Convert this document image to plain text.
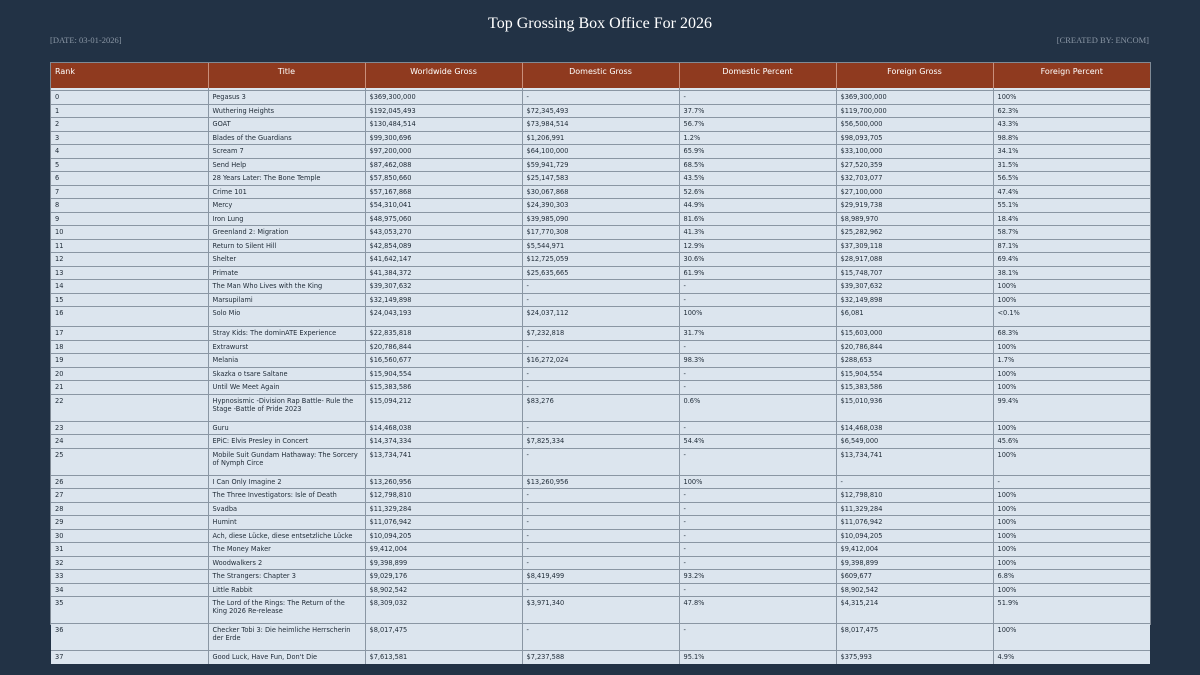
Top Grossing Box Office For 2026
[DATE: 03-01-2026]	[CREATED BY: ENCOM]
Rank	Title	Worldwide Gross	Domestic Gross	Domestic Percent	Foreign Gross	Foreign Percent

0	Pegasus 3	$369,300,000	-	-	$369,300,000	100%
1	Wuthering Heights	$192,045,493	$72,345,493	37.7%	$119,700,000	62.3%
2	GOAT	$130,484,514	$73,984,514	56.7%	$56,500,000	43.3%
3	Blades of the Guardians	$99,300,696	$1,206,991	1.2%	$98,093,705	98.8%
4	Scream 7	$97,200,000	$64,100,000	65.9%	$33,100,000	34.1%
5	Send Help	$87,462,088	$59,941,729	68.5%	$27,520,359	31.5%
6	28 Years Later: The Bone Temple	$57,850,660	$25,147,583	43.5%	$32,703,077	56.5%
7	Crime 101	$57,167,868	$30,067,868	52.6%	$27,100,000	47.4%
8	Mercy	$54,310,041	$24,390,303	44.9%	$29,919,738	55.1%
9	Iron Lung	$48,975,060	$39,985,090	81.6%	$8,989,970	18.4%
10	Greenland 2: Migration	$43,053,270	$17,770,308	41.3%	$25,282,962	58.7%
11	Return to Silent Hill	$42,854,089	$5,544,971	12.9%	$37,309,118	87.1%
12	Shelter	$41,642,147	$12,725,059	30.6%	$28,917,088	69.4%
13	Primate	$41,384,372	$25,635,665	61.9%	$15,748,707	38.1%
14	The Man Who Lives with the King	$39,307,632	-	-	$39,307,632	100%
15	Marsupilami	$32,149,898	-	-	$32,149,898	100%
16	Solo Mio	$24,043,193	$24,037,112	100%	$6,081	<0.1%
17	Stray Kids: The dominATE Experience	$22,835,818	$7,232,818	31.7%	$15,603,000	68.3%
18	Extrawurst	$20,786,844	-	-	$20,786,844	100%
19	Melania	$16,560,677	$16,272,024	98.3%	$288,653	1.7%
20	Skazka o tsare Saltane	$15,904,554	-	-	$15,904,554	100%
21	Until We Meet Again	$15,383,586	-	-	$15,383,586	100%
22	Hypnosismic -Division Rap Battle- Rule the Stage -Battle of Pride 2023	$15,094,212	$83,276	0.6%	$15,010,936	99.4%
23	Guru	$14,468,038	-	-	$14,468,038	100%
24	EPiC: Elvis Presley in Concert	$14,374,334	$7,825,334	54.4%	$6,549,000	45.6%
25	Mobile Suit Gundam Hathaway: The Sorcery of Nymph Circe	$13,734,741	-	-	$13,734,741	100%
26	I Can Only Imagine 2	$13,260,956	$13,260,956	100%	-	-
27	The Three Investigators: Isle of Death	$12,798,810	-	-	$12,798,810	100%
28	Svadba	$11,329,284	-	-	$11,329,284	100%
29	Humint	$11,076,942	-	-	$11,076,942	100%
30	Ach, diese Lücke, diese entsetzliche Lücke	$10,094,205	-	-	$10,094,205	100%
31	The Money Maker	$9,412,004	-	-	$9,412,004	100%
32	Woodwalkers 2	$9,398,899	-	-	$9,398,899	100%
33	The Strangers: Chapter 3	$9,029,176	$8,419,499	93.2%	$609,677	6.8%
34	Little Rabbit	$8,902,542	-	-	$8,902,542	100%
35	The Lord of the Rings: The Return of the King 2026 Re-release	$8,309,032	$3,971,340	47.8%	$4,315,214	51.9%
36	Checker Tobi 3: Die heimliche Herrscherin der Erde	$8,017,475	-	-	$8,017,475	100%
37	Good Luck, Have Fun, Don't Die	$7,613,581	$7,237,588	95.1%	$375,993	4.9%
